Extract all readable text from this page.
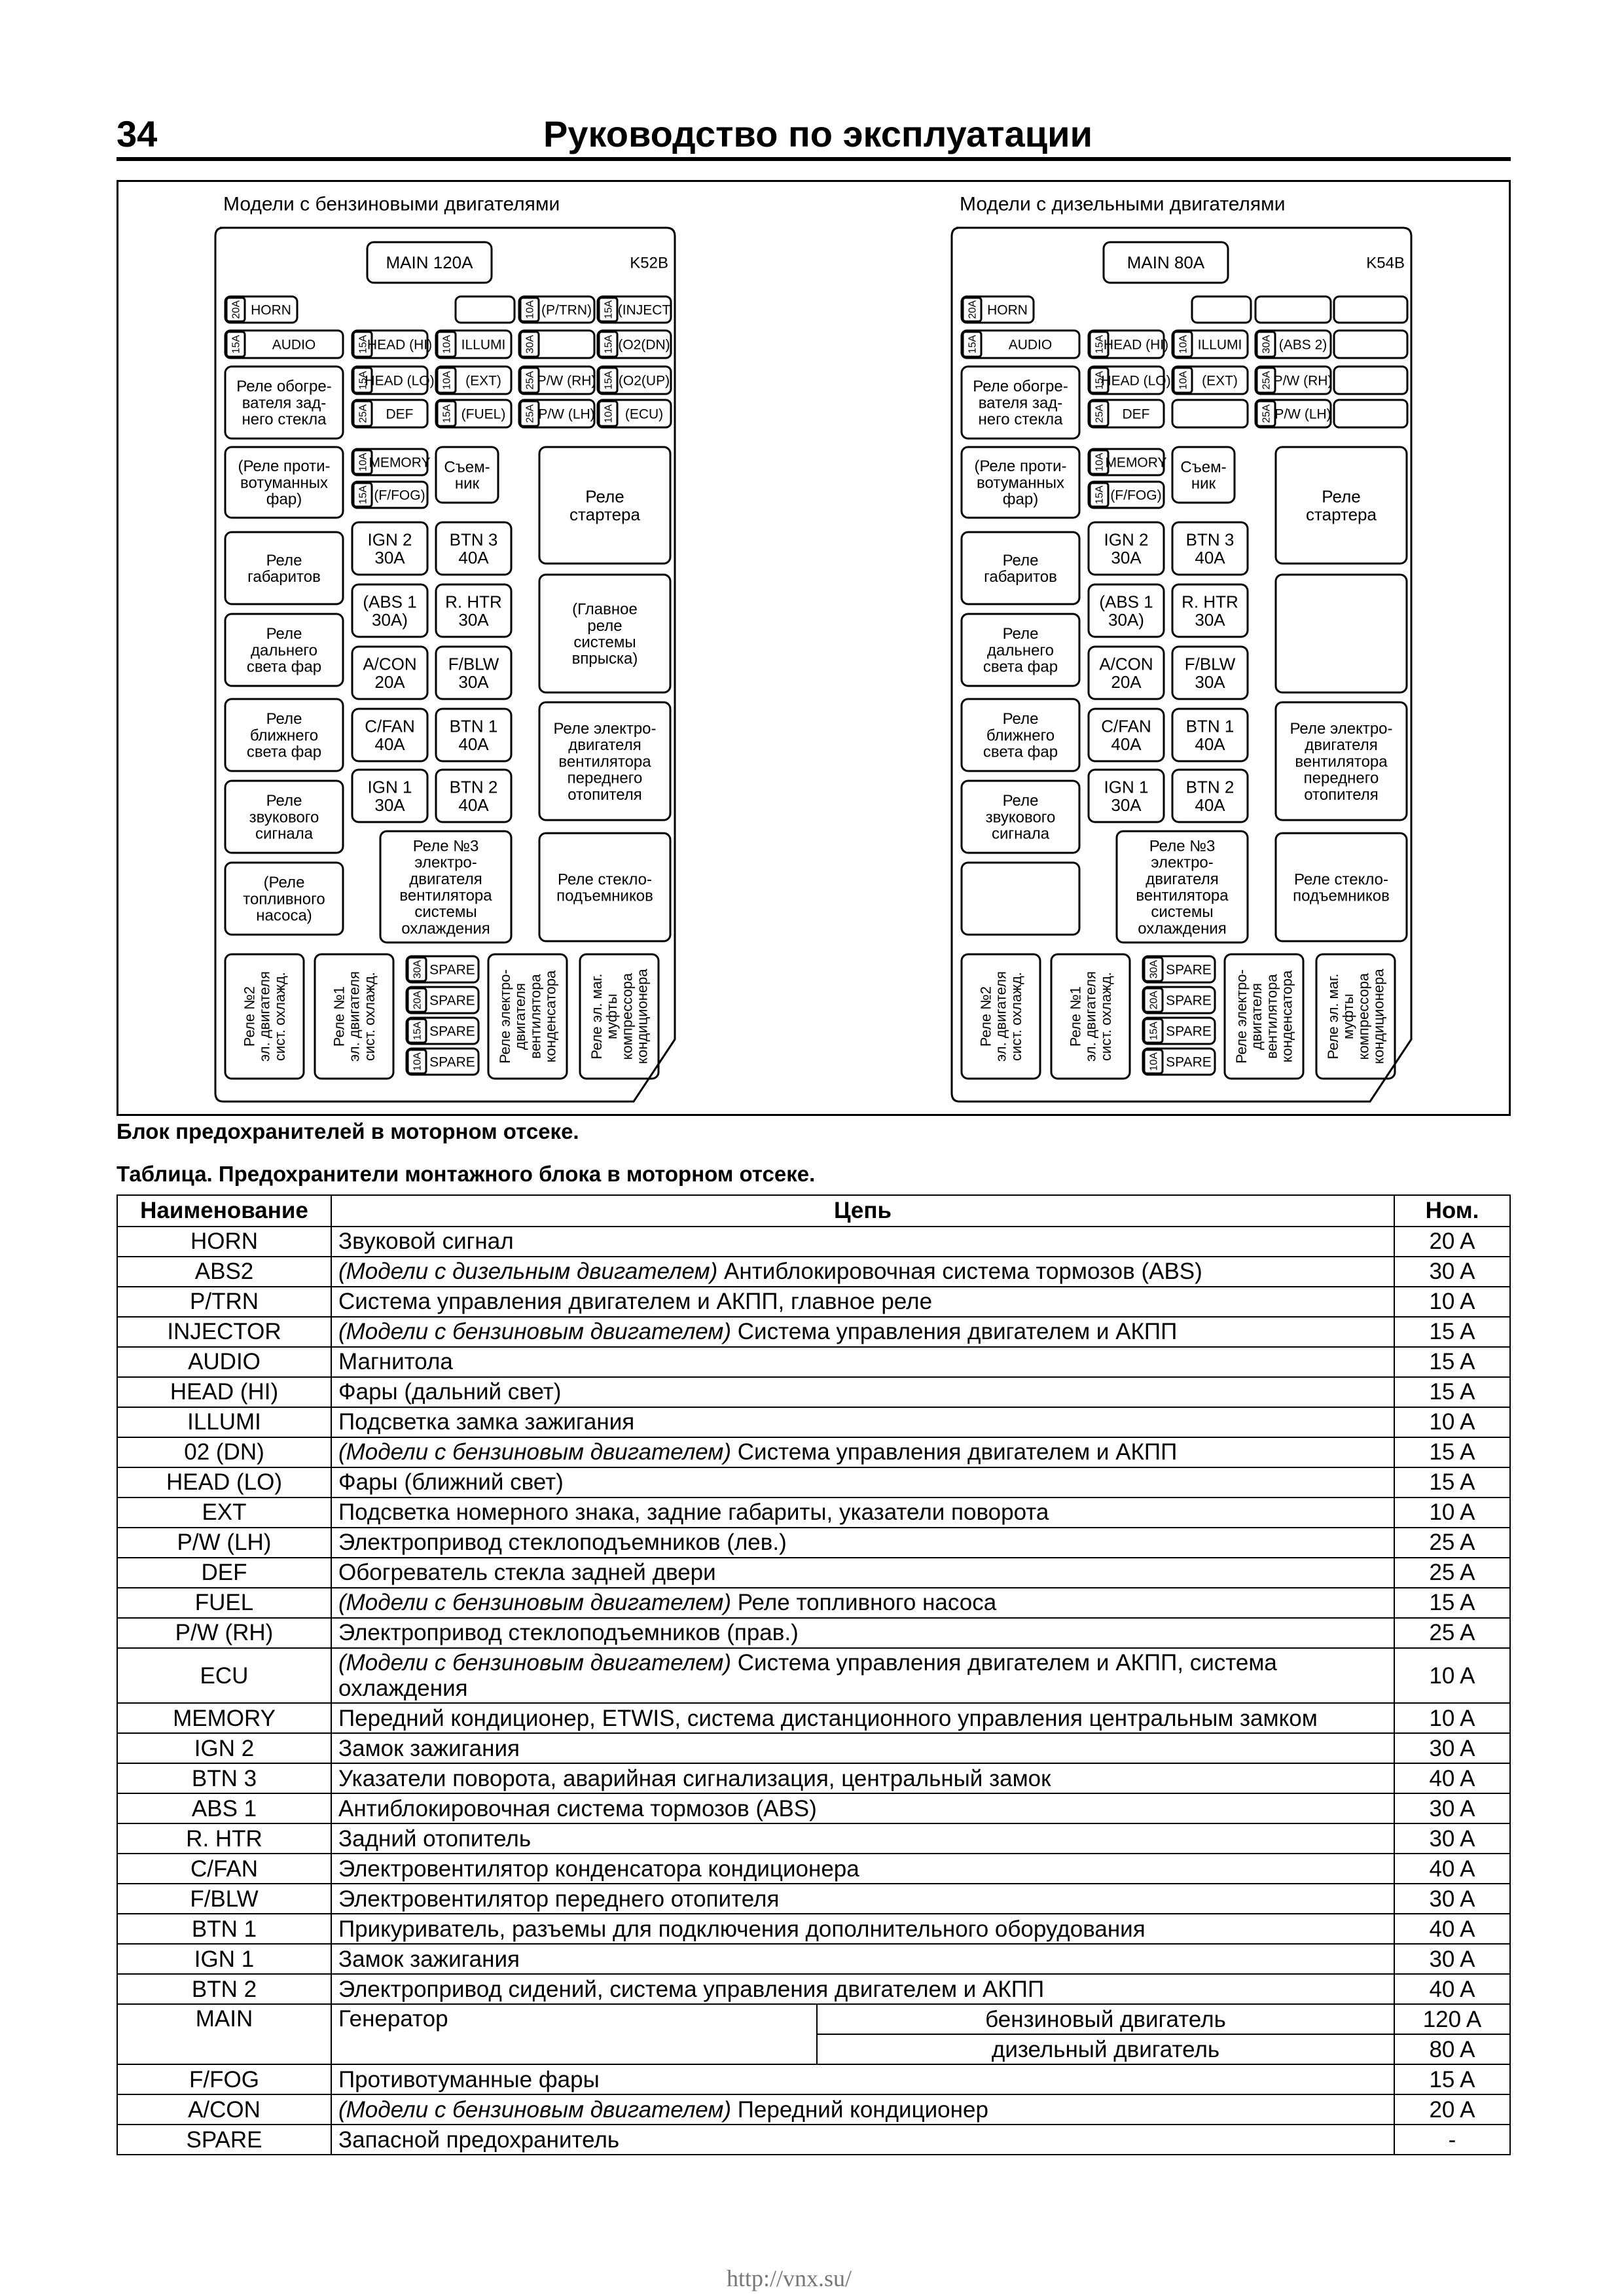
34	Руководство по эксплуатации
Модели с бензиновыми двигателями
MAIN 120A	K52B
20A HORN	10A (P/TRN) 15A (INJECT
15A AUDIO	15A
HEAD (HI) 10A ILLUMI 30A	15A (O2(DN)
Реле обогре-вателя зад-него стекла
15A
HEAD (LO) 10A (EXT) 25A P/W (RH) 15A (O2(UP)
25A DEF	15A (FUEL) 25A P/W (LH) 10A (ECU)
(Реле проти-вотуманных фар)
10A MEMORY
15A (F/FOG)
Съем-ник
Реле стартера
IGN 2 30A
BTN 3 40A
Реле габаритов
(ABS 1 30A)
R. HTR 30A
(Главное реле системы впрыска)
Реле дальнего света фар A/CON 20A
F/BLW 30A
Реле ближнего света фар
C/FAN 40A
BTN 1 40A
Реле электро-двигателя вентилятора переднего отопителя
IGN 1 30A
BTN 2 40A
Реле звукового сигнала
Реле №3 электро-двигателя вентилятора системы охлаждения
(Реле топливного насоса)
Реле стекло-подъемников
Реле №2эл. двигателясист. охлажд.	Реле №1эл. двигателясист. охлажд.
30A SPARE
20A SPARE
15A SPARE
10A SPARE Реле электро-двигателявентилятораконденсатора Реле эл. маг.муфтыкомпрессоракондиционера
Модели с дизельными двигателями
MAIN 80A	K54B
20A HORN
15A AUDIO	15A
HEAD (HI) 10A ILLUMI 30A (ABS 2)
Реле обогре-вателя зад-него стекла
15A
HEAD (LO) 10A (EXT) 25A P/W (RH)
25A DEF	25A P/W (LH)
(Реле проти-вотуманных фар)
10A MEMORY
15A (F/FOG)
Съем-ник
Реле стартера
IGN 2 30A
BTN 3 40A
Реле габаритов
(ABS 1 30A)
R. HTR 30A
Реле дальнего света фар A/CON 20A
F/BLW 30A
Реле ближнего света фар
C/FAN 40A
BTN 1 40A
Реле электро-двигателя вентилятора переднего отопителя
IGN 1 30A
BTN 2 40A
Реле звукового сигнала
Реле №3 электро-двигателя вентилятора системы охлаждения
Реле стекло-подъемников
Реле №2эл. двигателясист. охлажд.	Реле №1эл. двигателясист. охлажд.
30A SPARE
20A SPARE
15A SPARE
10A SPARE Реле электро-двигателявентилятораконденсатора Реле эл. маг.муфтыкомпрессоракондиционера
Блок предохранителей в моторном отсеке.
Таблица. Предохранители монтажного блока в моторном отсеке.
Наименование	Цепь		Ном.
HORN	Звуковой сигнал		20 A
ABS2	(Модели с дизельным двигателем) Антиблокировочная система тормозов (ABS)		30 A
P/TRN	Система управления двигателем и АКПП, главное реле		10 A
INJECTOR	(Модели с бензиновым двигателем) Система управления двигателем и АКПП		15 A
AUDIO	Магнитола		15 A
HEAD (HI)	Фары (дальний свет)		15 A
ILLUMI	Подсветка замка зажигания		10 A
02 (DN)	(Модели с бензиновым двигателем) Система управления двигателем и АКПП		15 A
HEAD (LO)	Фары (ближний свет)		15 A
EXT	Подсветка номерного знака, задние габариты, указатели поворота		10 A
P/W (LH)	Электропривод стеклоподъемников (лев.)		25 A
DEF	Обогреватель стекла задней двери		25 A
FUEL	(Модели с бензиновым двигателем) Реле топливного насоса		15 A
P/W (RH)	Электропривод стеклоподъемников (прав.)		25 A
ECU	(Модели с бензиновым двигателем) Система управления двигателем и АКПП, система охлаждения		10 A
MEMORY	Передний кондиционер, ETWIS, система дистанционного управления центральным замком		10 A
IGN 2	Замок зажигания		30 A
BTN 3	Указатели поворота, аварийная сигнализация, центральный замок		40 A
ABS 1	Антиблокировочная система тормозов (ABS)		30 A
R. HTR	Задний отопитель		30 A
C/FAN	Электровентилятор конденсатора кондиционера		40 A
F/BLW	Электровентилятор переднего отопителя		30 A
BTN 1	Прикуриватель, разъемы для подключения дополнительного оборудования		40 A
IGN 1	Замок зажигания		30 A
BTN 2	Электропривод сидений, система управления двигателем и АКПП		40 A
MAIN	Генератор	бензиновый двигатель	120 A
		дизельный двигатель	80 A
F/FOG	Противотуманные фары		15 A
A/CON	(Модели с бензиновым двигателем) Передний кондиционер		20 A
SPARE	Запасной предохранитель		-
http://vnx.su/
